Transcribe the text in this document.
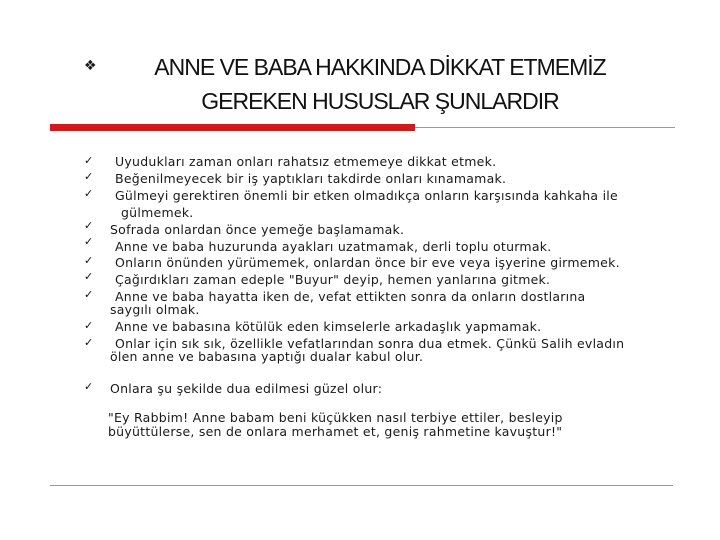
❖	ANNE VE BABA HAKKINDA DİKKAT ETMEMİZ
GEREKEN HUSUSLAR ŞUNLARDIR
✓
✓
✓
✓
✓
✓
✓
✓
✓
✓
✓
Uyudukları zaman onları rahatsız etmemeye dikkat etmek.
Beğenilmeyecek bir iş yaptıkları takdirde onları kınamamak.
Gülmeyi gerektiren önemli bir etken olmadıkça onların karşısında kahkaha ile
gülmemek.
Sofrada onlardan önce yemeğe başlamamak.
Anne ve baba huzurunda ayakları uzatmamak, derli toplu oturmak.
Onların önünden yürümemek, onlardan önce bir eve veya işyerine girmemek.
Çağırdıkları zaman edeple "Buyur" deyip, hemen yanlarına gitmek.
Anne ve baba hayatta iken de, vefat ettikten sonra da onların dostlarına
saygılı olmak.
Anne ve babasına kötülük eden kimselerle arkadaşlık yapmamak.
Onlar için sık sık, özellikle vefatlarından sonra dua etmek. Çünkü Salih evladın
ölen anne ve babasına yaptığı dualar kabul olur.
Onlara şu şekilde dua edilmesi güzel olur:
"Ey Rabbim! Anne babam beni küçükken nasıl terbiye ettiler, besleyip
büyüttülerse, sen de onlara merhamet et, geniş rahmetine kavuştur!"
